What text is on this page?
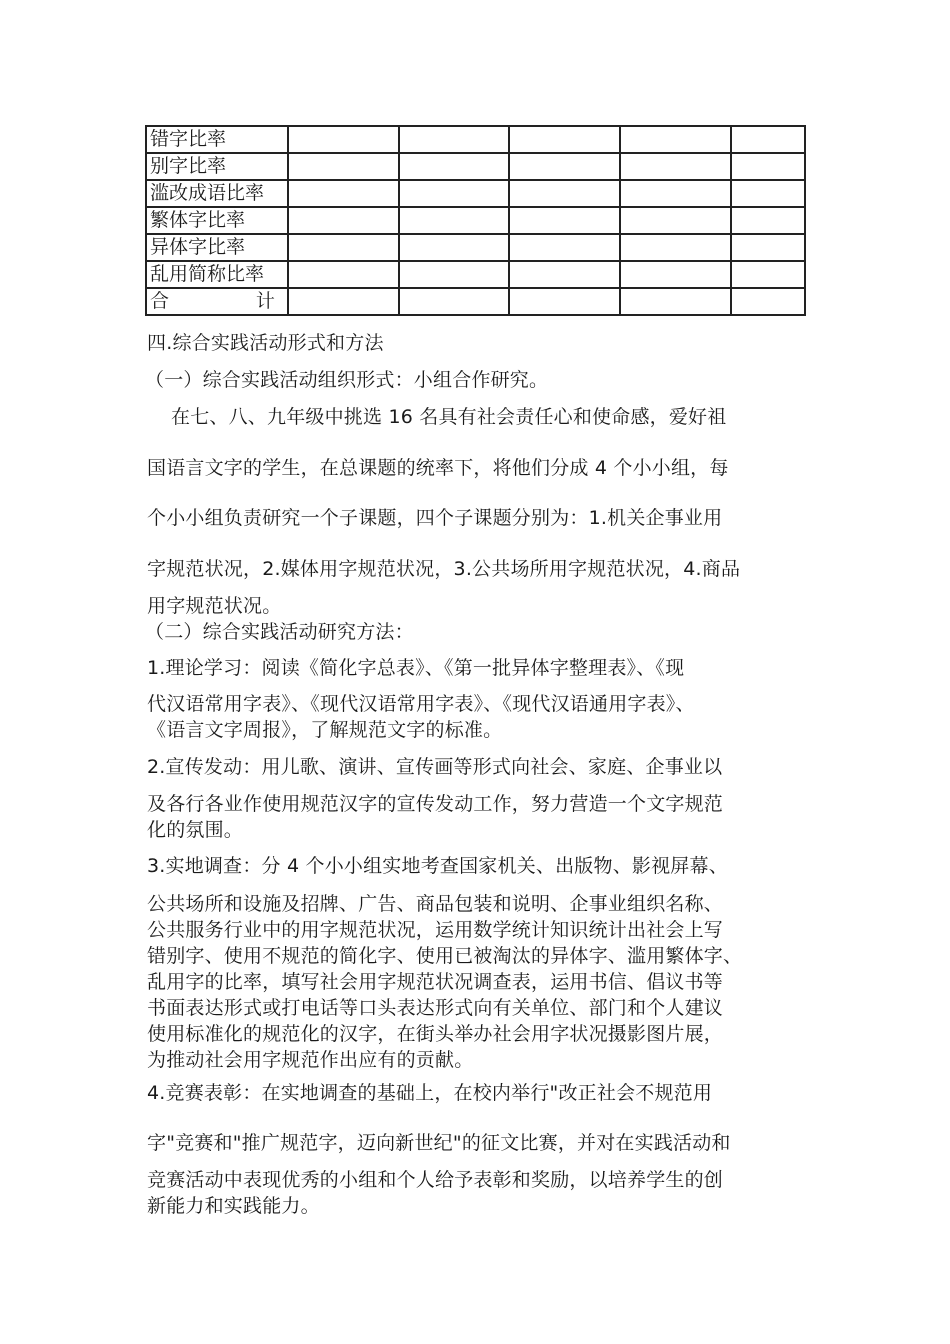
错字比率					
别字比率					
滥改成语比率					
繁体字比率					
异体字比率					
乱用简称比率					

合 计					

四.综合实践活动形式和方法
（一）综合实践活动组织形式：小组合作研究。
在七、八、九年级中挑选 16 名具有社会责任心和使命感，爱好祖
国语言文字的学生，在总课题的统率下，将他们分成 4 个小小组，每
个小小组负责研究一个子课题，四个子课题分别为：1.机关企事业用
字规范状况，2.媒体用字规范状况，3.公共场所用字规范状况，4.商品
用字规范状况。
（二）综合实践活动研究方法：
1.理论学习：阅读《简化字总表》、《第一批异体字整理表》、《现
代汉语常用字表》、《现代汉语常用字表》、《现代汉语通用字表》、
《语言文字周报》，了解规范文字的标准。
2.宣传发动：用儿歌、演讲、宣传画等形式向社会、家庭、企事业以
及各行各业作使用规范汉字的宣传发动工作，努力营造一个文字规范
化的氛围。
3.实地调查：分 4 个小小组实地考查国家机关、出版物、影视屏幕、
公共场所和设施及招牌、广告、商品包装和说明、企事业组织名称、
公共服务行业中的用字规范状况，运用数学统计知识统计出社会上写
错别字、使用不规范的简化字、使用已被淘汰的异体字、滥用繁体字、
乱用字的比率，填写社会用字规范状况调查表，运用书信、倡议书等
书面表达形式或打电话等口头表达形式向有关单位、部门和个人建议
使用标准化的规范化的汉字，在街头举办社会用字状况摄影图片展，
为推动社会用字规范作出应有的贡献。
4.竞赛表彰：在实地调查的基础上，在校内举行"改正社会不规范用
字"竞赛和"推广规范字，迈向新世纪"的征文比赛，并对在实践活动和
竞赛活动中表现优秀的小组和个人给予表彰和奖励，以培养学生的创
新能力和实践能力。
